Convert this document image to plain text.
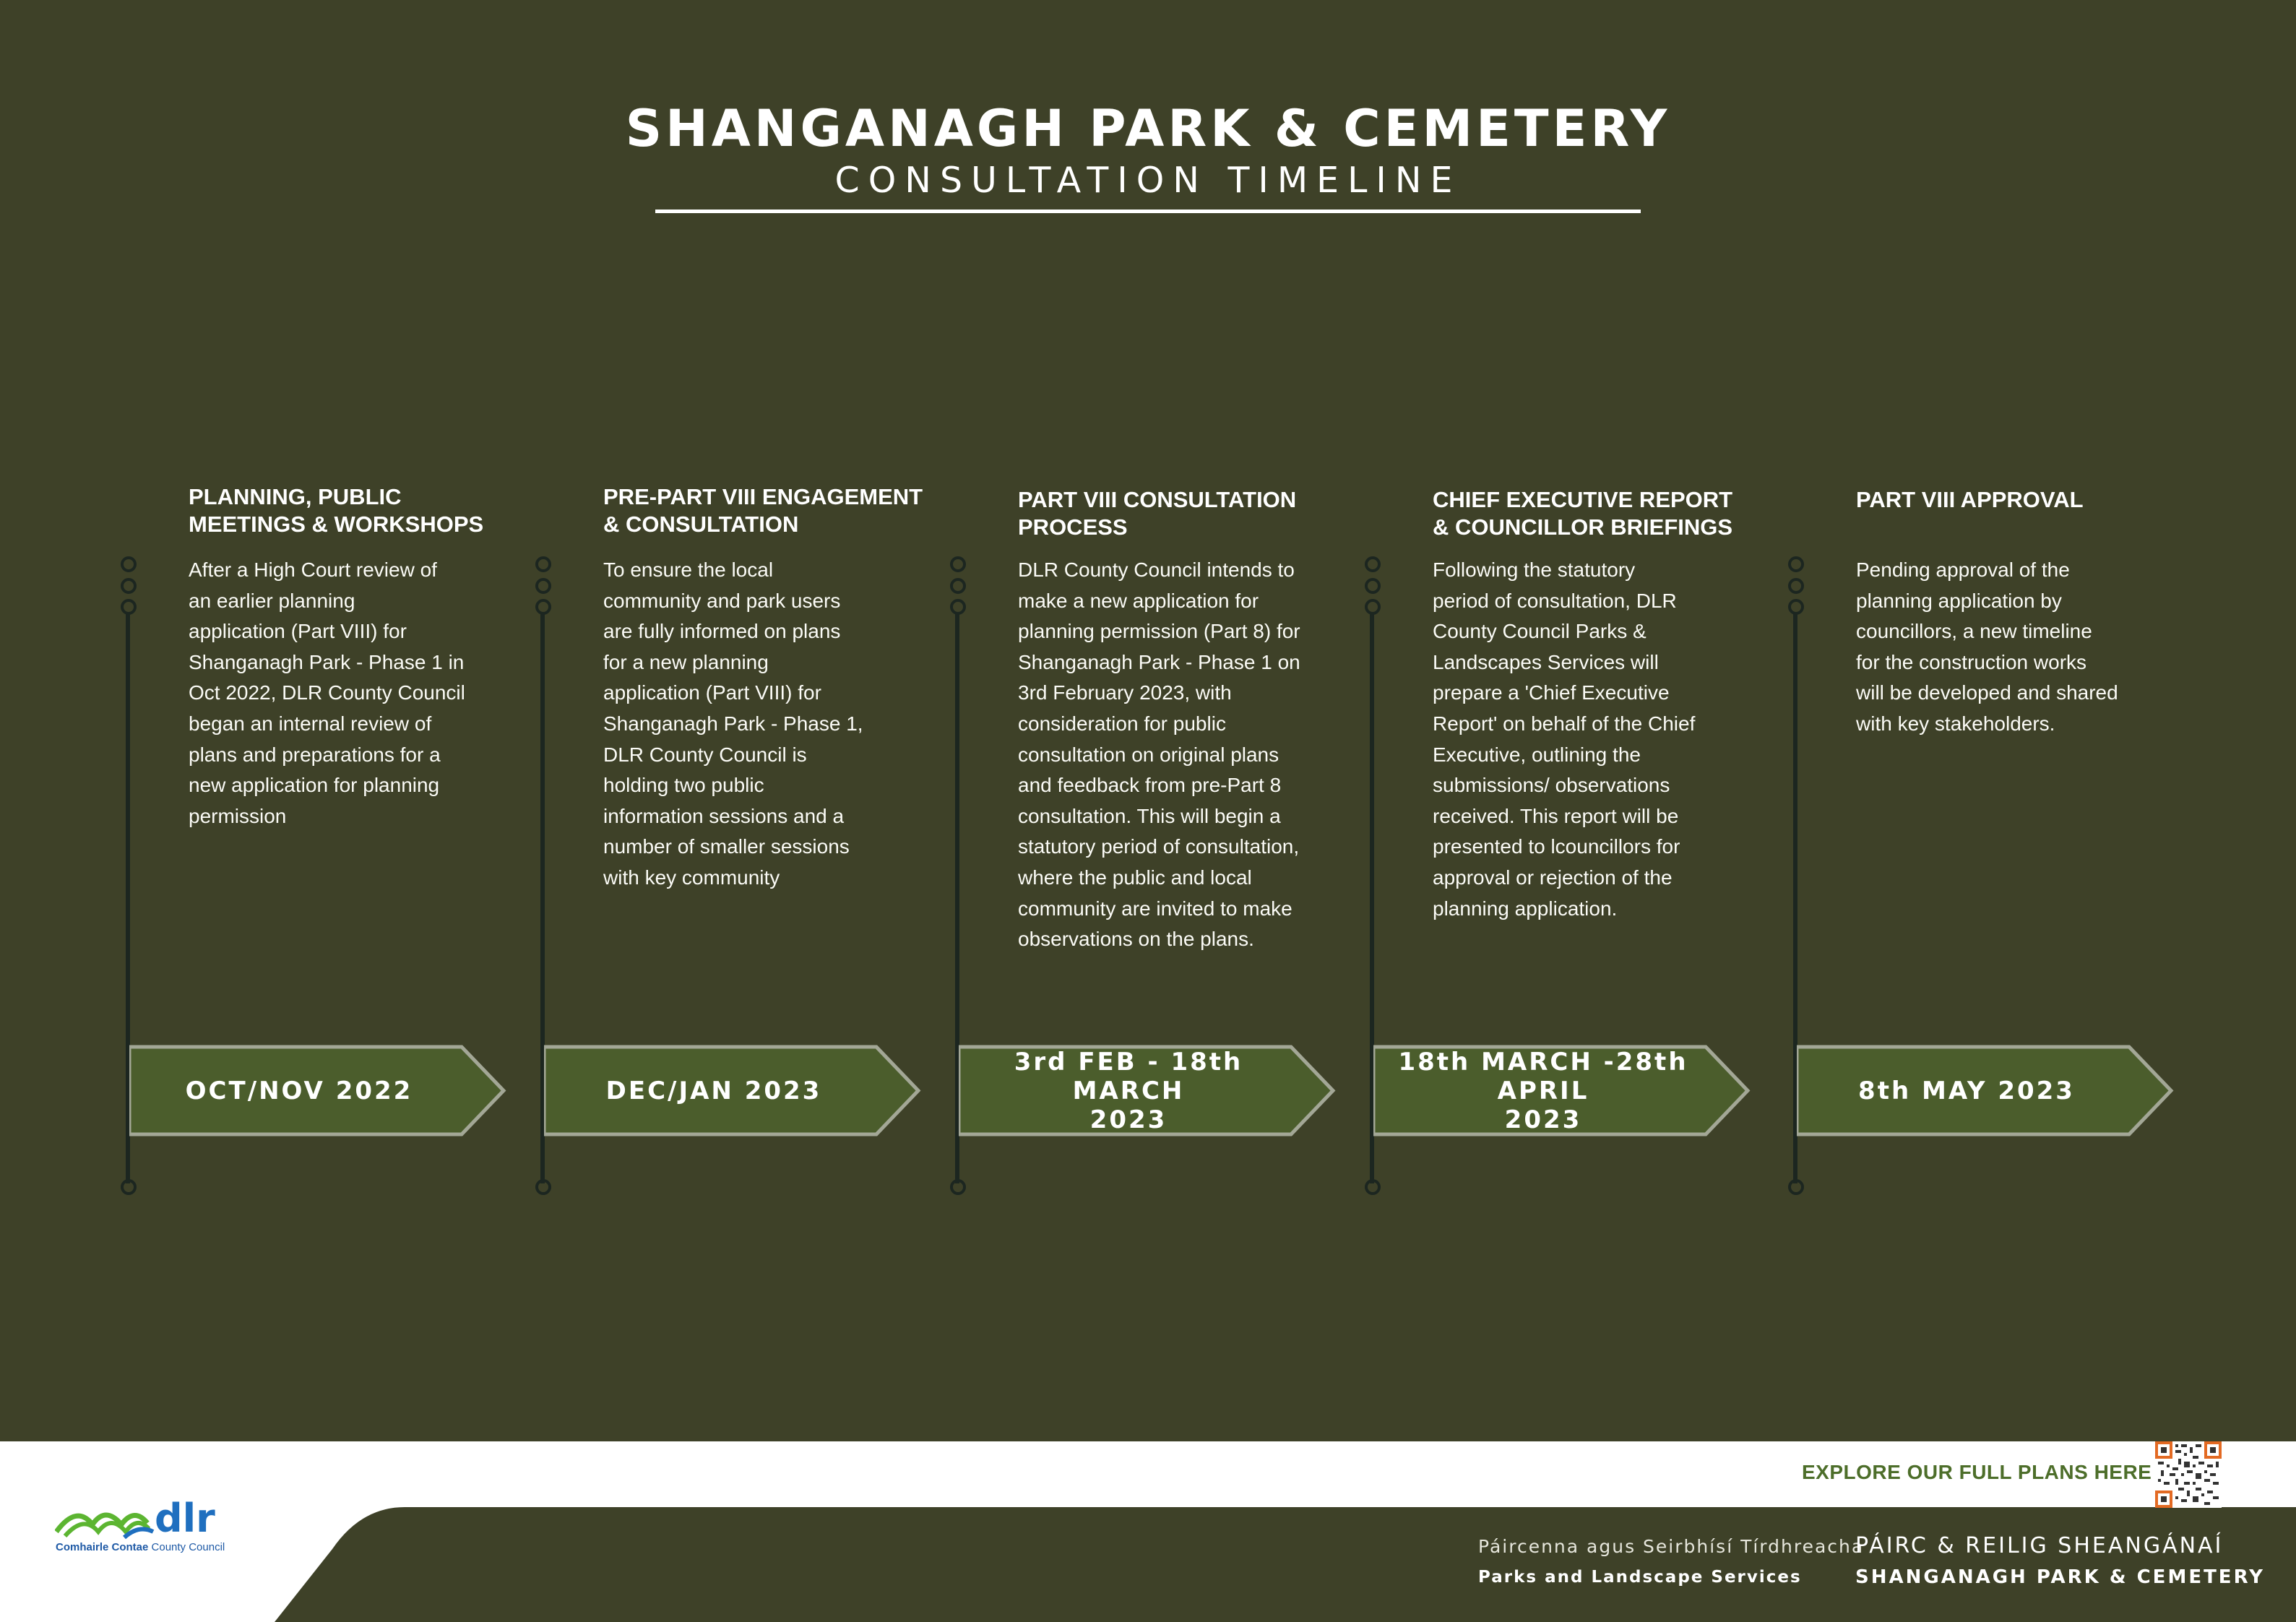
SHANGANAGH PARK & CEMETERY
CONSULTATION TIMELINE
PLANNING, PUBLIC
MEETINGS & WORKSHOPS
After a High Court review of
an earlier planning
application (Part VIII) for
Shanganagh Park - Phase 1 in
Oct 2022, DLR County Council
began an internal review of
plans and preparations for a
new application for planning
permission
OCT/NOV 2022
PRE-PART VIII ENGAGEMENT
& CONSULTATION
To ensure the local
community and park users
are fully informed on plans
for a new planning
application (Part VIII) for
Shanganagh Park - Phase 1,
DLR County Council is
holding two public
information sessions and a
number of smaller sessions
with key community
DEC/JAN 2023
PART VIII CONSULTATION
PROCESS
DLR County Council intends to
make a new application for
planning permission (Part 8) for
Shanganagh Park - Phase 1 on
3rd February 2023, with
consideration for public
consultation on original plans
and feedback from pre-Part 8
consultation. This will begin a
statutory period of consultation,
where the public and local
community are invited to make
observations on the plans.
3rd FEB - 18th MARCH
2023
CHIEF EXECUTIVE REPORT
& COUNCILLOR BRIEFINGS
Following the statutory
period of consultation, DLR
County Council Parks &
Landscapes Services will
prepare a 'Chief Executive
Report' on behalf of the Chief
Executive, outlining the
submissions/ observations
received. This report will be
presented to lcouncillors for
approval or rejection of the
planning application.
18th MARCH -28th APRIL
2023
PART VIII APPROVAL
Pending approval of the
planning application by
councillors, a new timeline
for the construction works
will be developed and shared
with key stakeholders.
8th MAY 2023
EXPLORE OUR FULL PLANS HERE
dlr
Comhairle Contae County Council	Páircenna agus Seirbhísí Tírdhreacha
Parks and Landscape Services
PÁIRC & REILIG SHEANGÁNAÍ
SHANGANAGH PARK & CEMETERY
